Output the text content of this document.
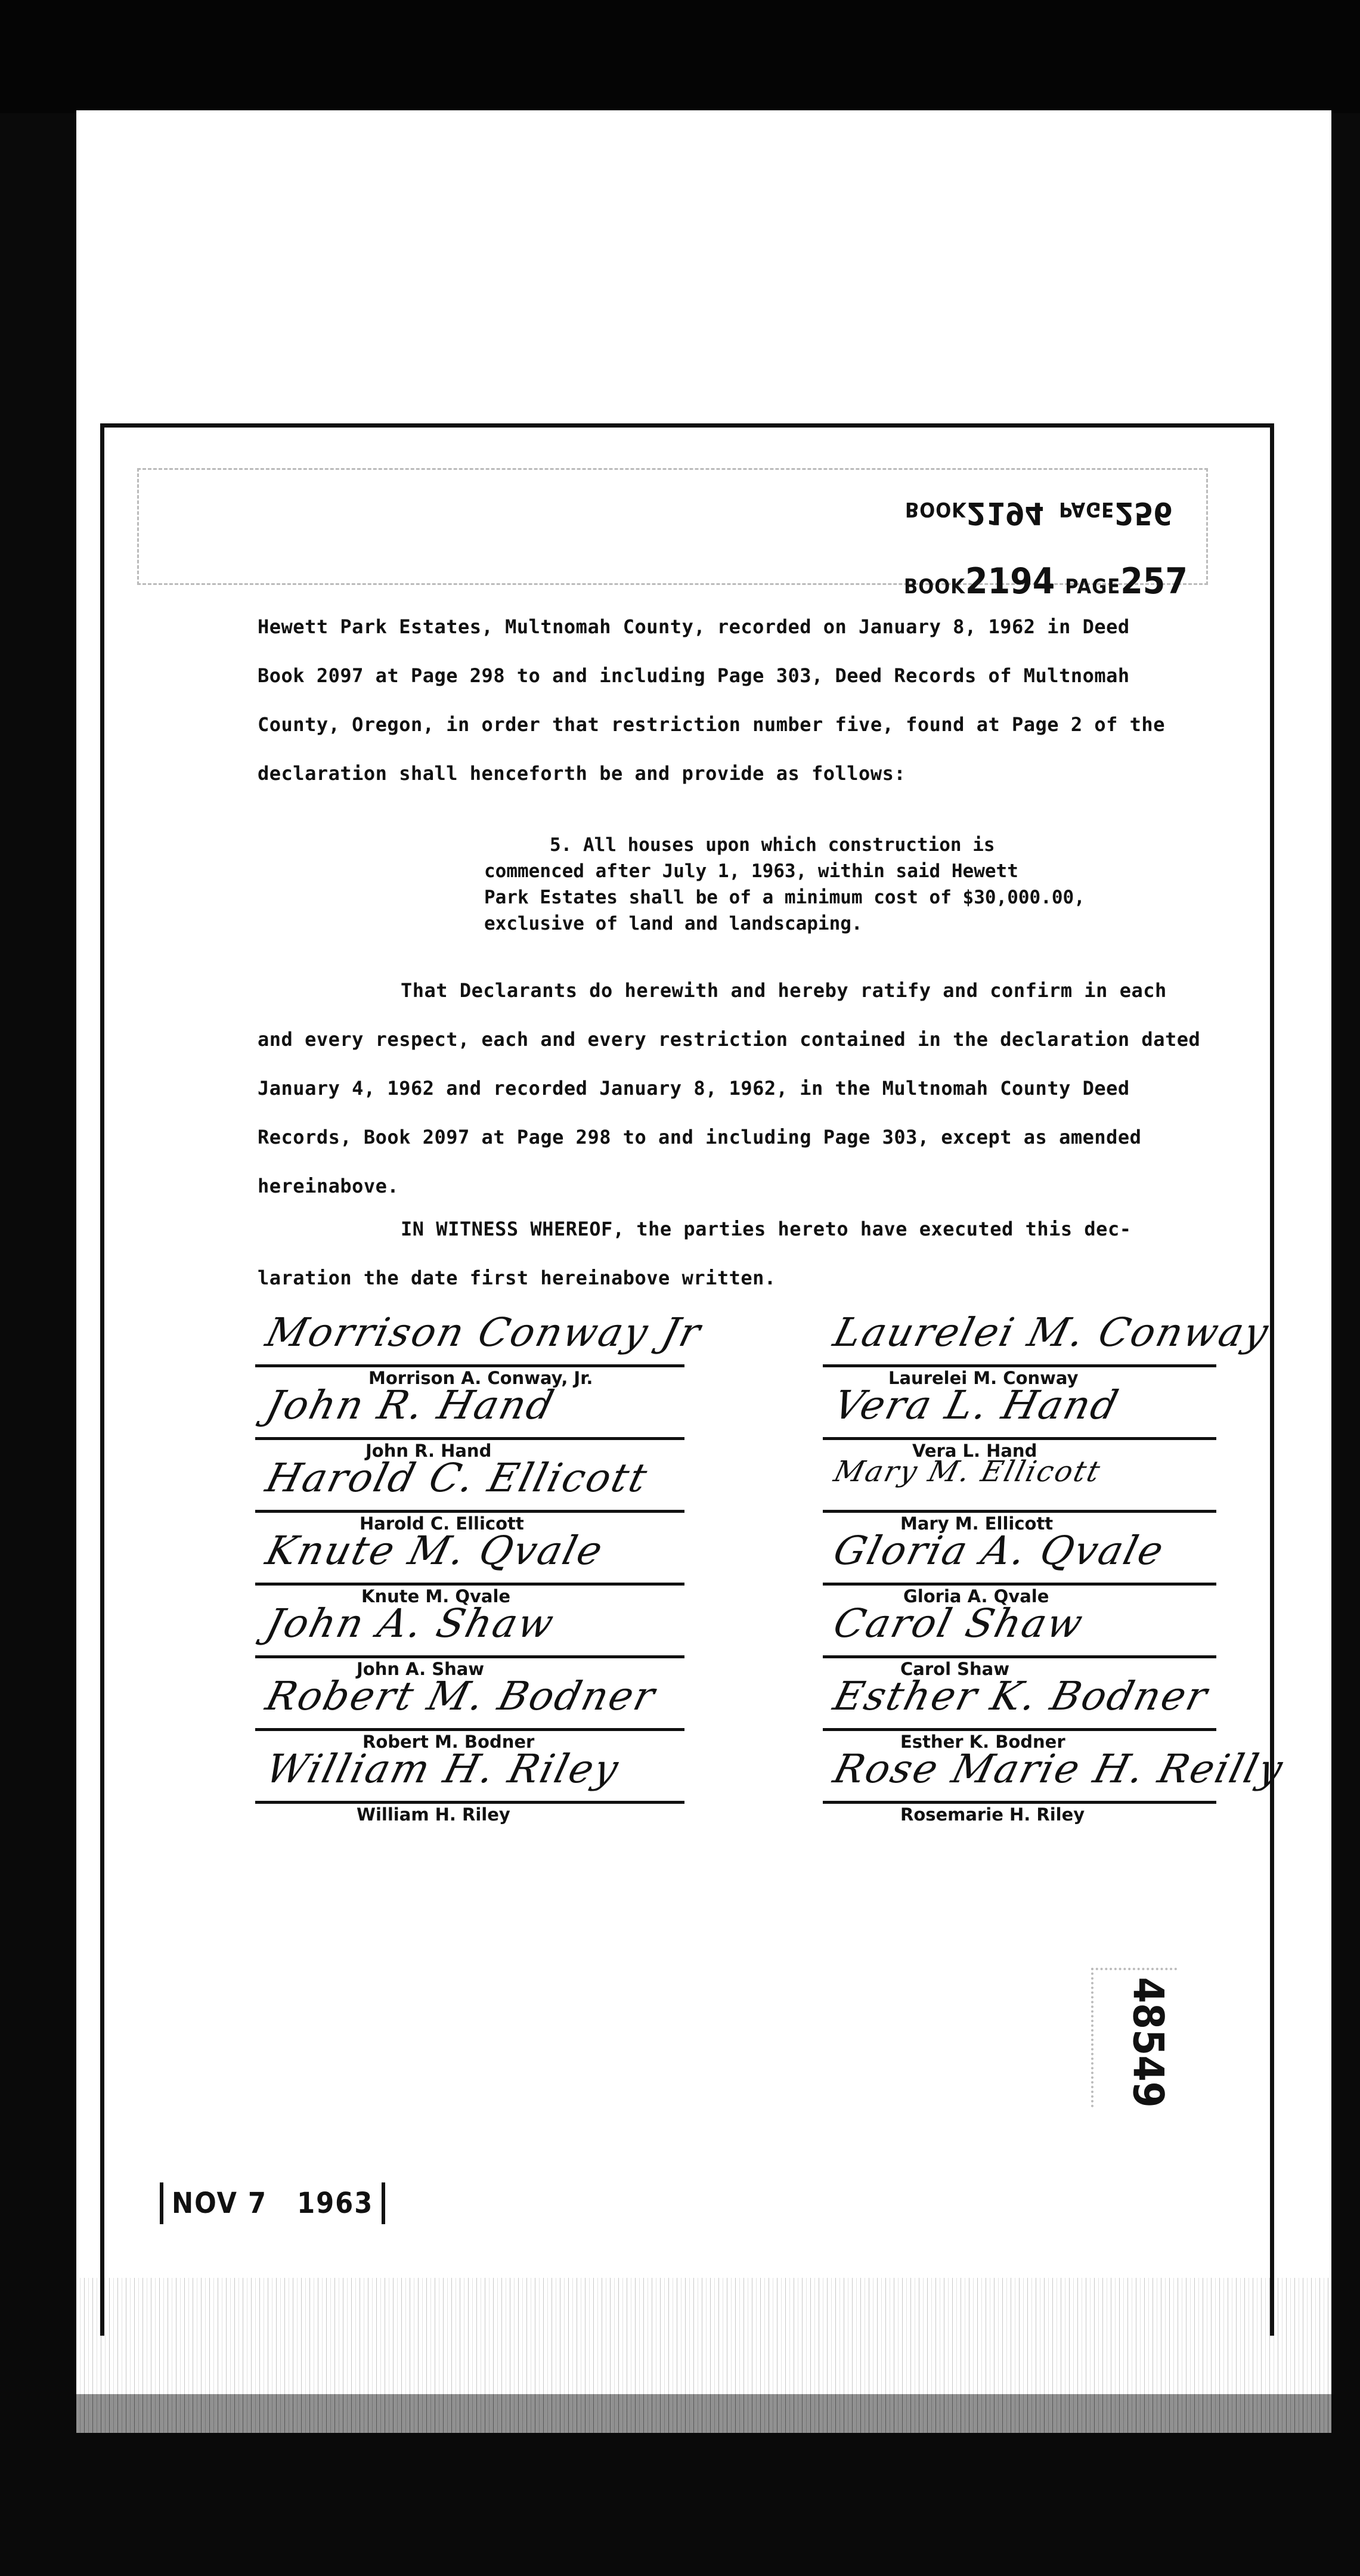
BOOK2194 PAGE256
BOOK2194 PAGE257
Hewett Park Estates, Multnomah County, recorded on January 8, 1962 in Deed
Book 2097 at Page 298 to and including Page 303, Deed Records of Multnomah
County, Oregon, in order that restriction number five, found at Page 2 of the
declaration shall henceforth be and provide as follows:
5. All houses upon which construction is
commenced after July 1, 1963, within said Hewett
Park Estates shall be of a minimum cost of $30,000.00,
exclusive of land and landscaping.
That Declarants do herewith and hereby ratify and confirm in each
and every respect, each and every restriction contained in the declaration dated
January 4, 1962 and recorded January 8, 1962, in the Multnomah County Deed
Records, Book 2097 at Page 298 to and including Page 303, except as amended
hereinabove.
IN WITNESS WHEREOF, the parties hereto have executed this dec-
laration the date first hereinabove written.
Morrison Conway Jr
Morrison A. Conway, Jr.
John R. Hand
John R. Hand
Harold C. Ellicott
Harold C. Ellicott
Knute M. Qvale
Knute M. Qvale
John A. Shaw
John A. Shaw
Robert M. Bodner
Robert M. Bodner
William H. Riley
William H. Riley
Laurelei M. Conway
Laurelei M. Conway
Vera L. Hand
Vera L. Hand
Mary M. Ellicott
Mary M. Ellicott
Gloria A. Qvale
Gloria A. Qvale
Carol Shaw
Carol Shaw
Esther K. Bodner
Esther K. Bodner
Rose Marie H. Reilly
Rosemarie H. Riley
48549
NOV 7 1963
